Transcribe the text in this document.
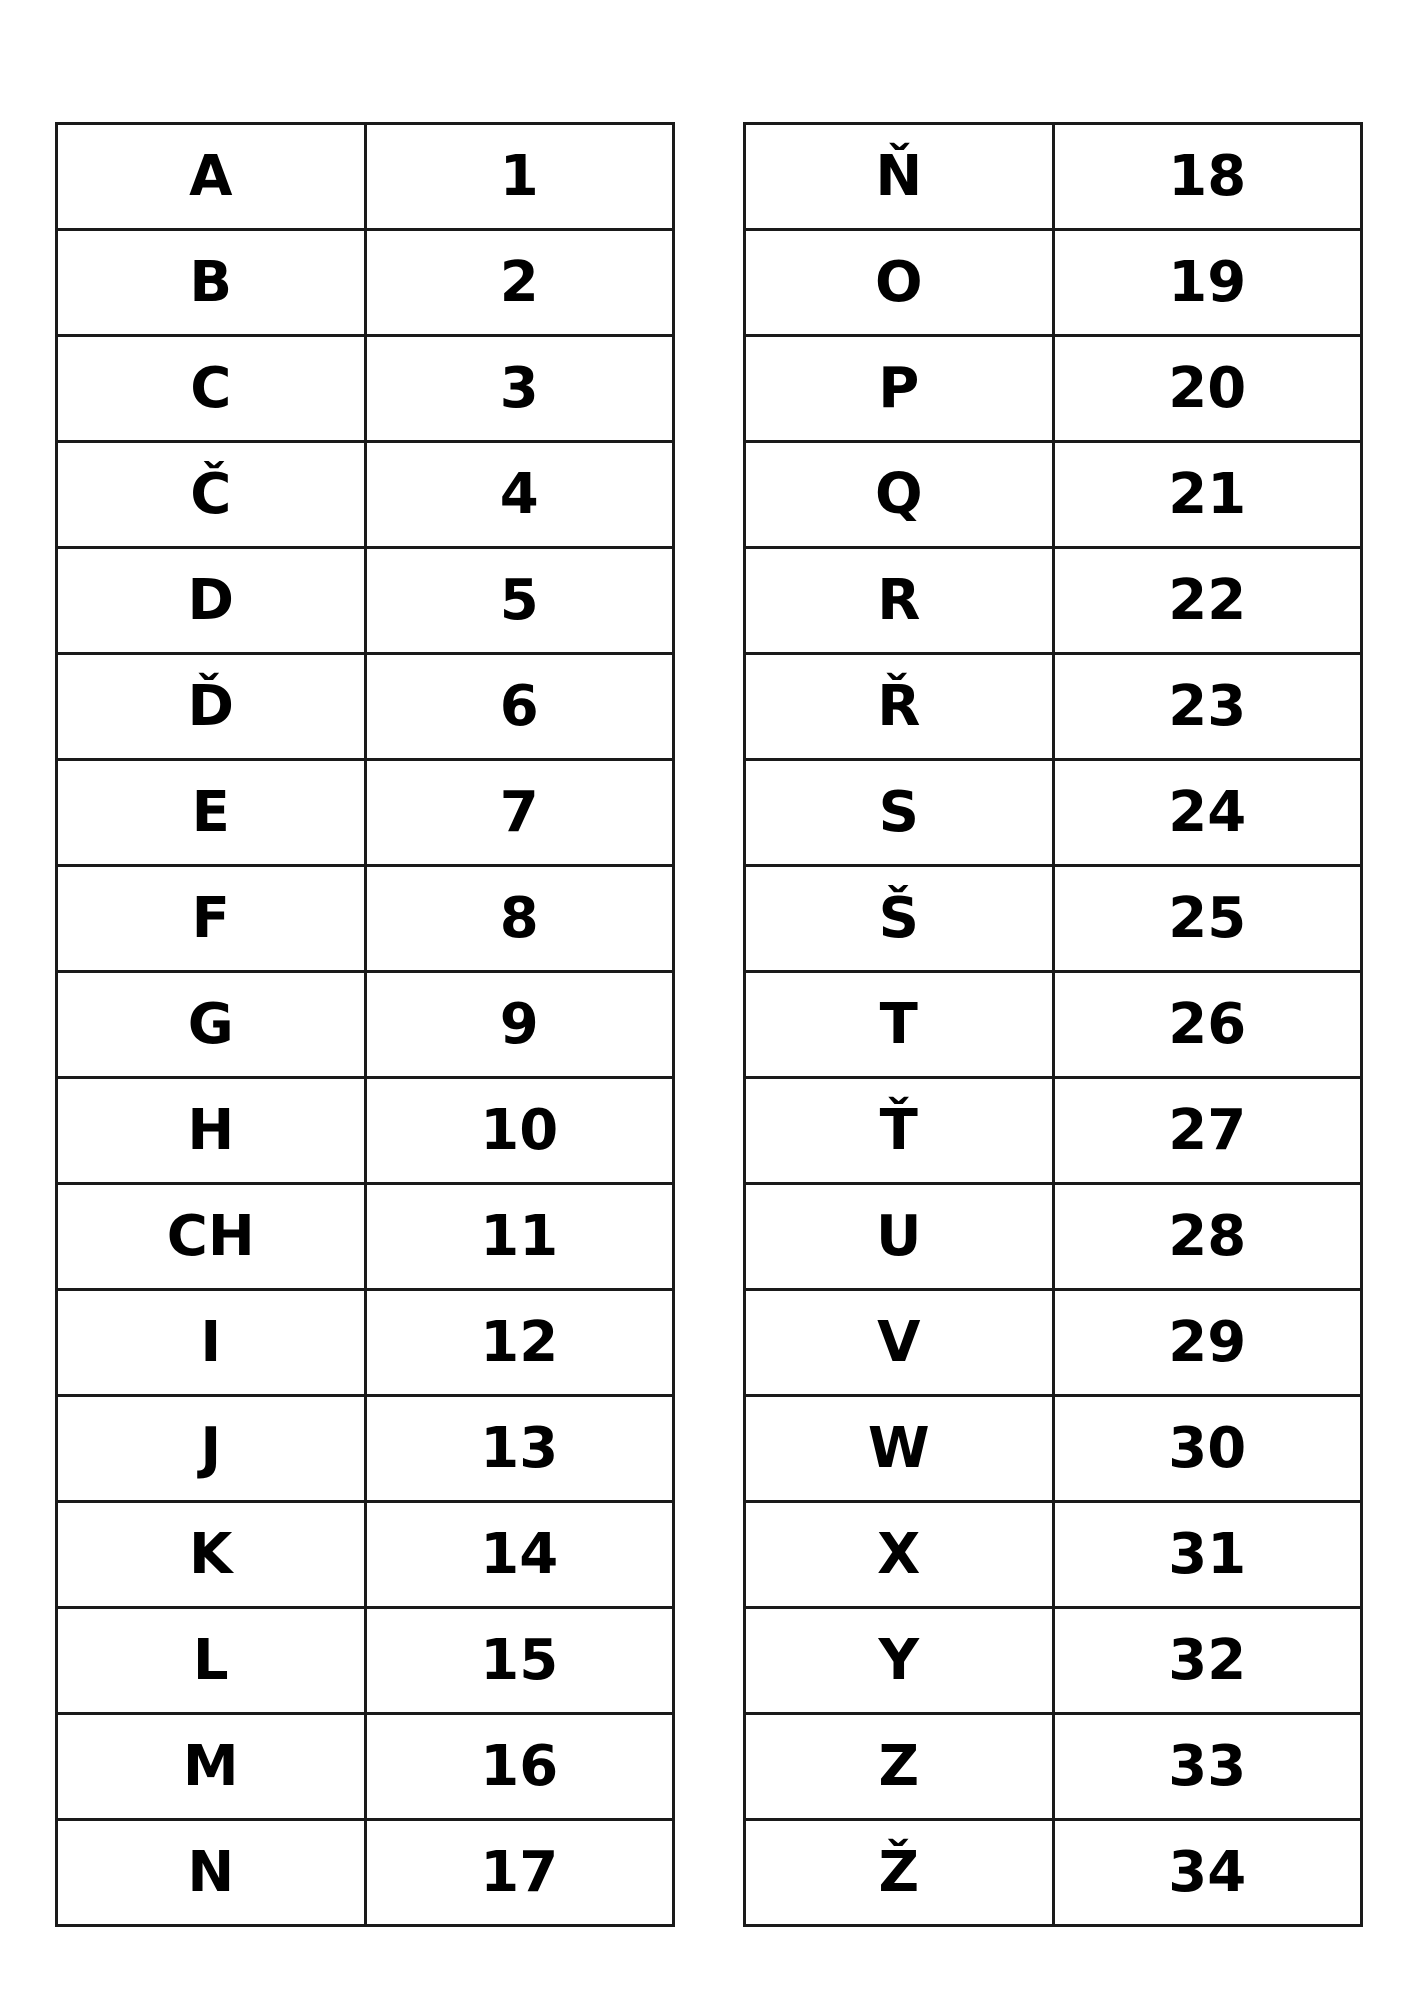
A	1
B	2
C	3
Č	4
D	5
Ď	6
E	7
F	8
G	9
H	10
CH	11
I	12
J	13
K	14
L	15
M	16
N	17
Ň	18
O	19
P	20
Q	21
R	22
Ř	23
S	24
Š	25
T	26
Ť	27
U	28
V	29
W	30
X	31
Y	32
Z	33
Ž	34
